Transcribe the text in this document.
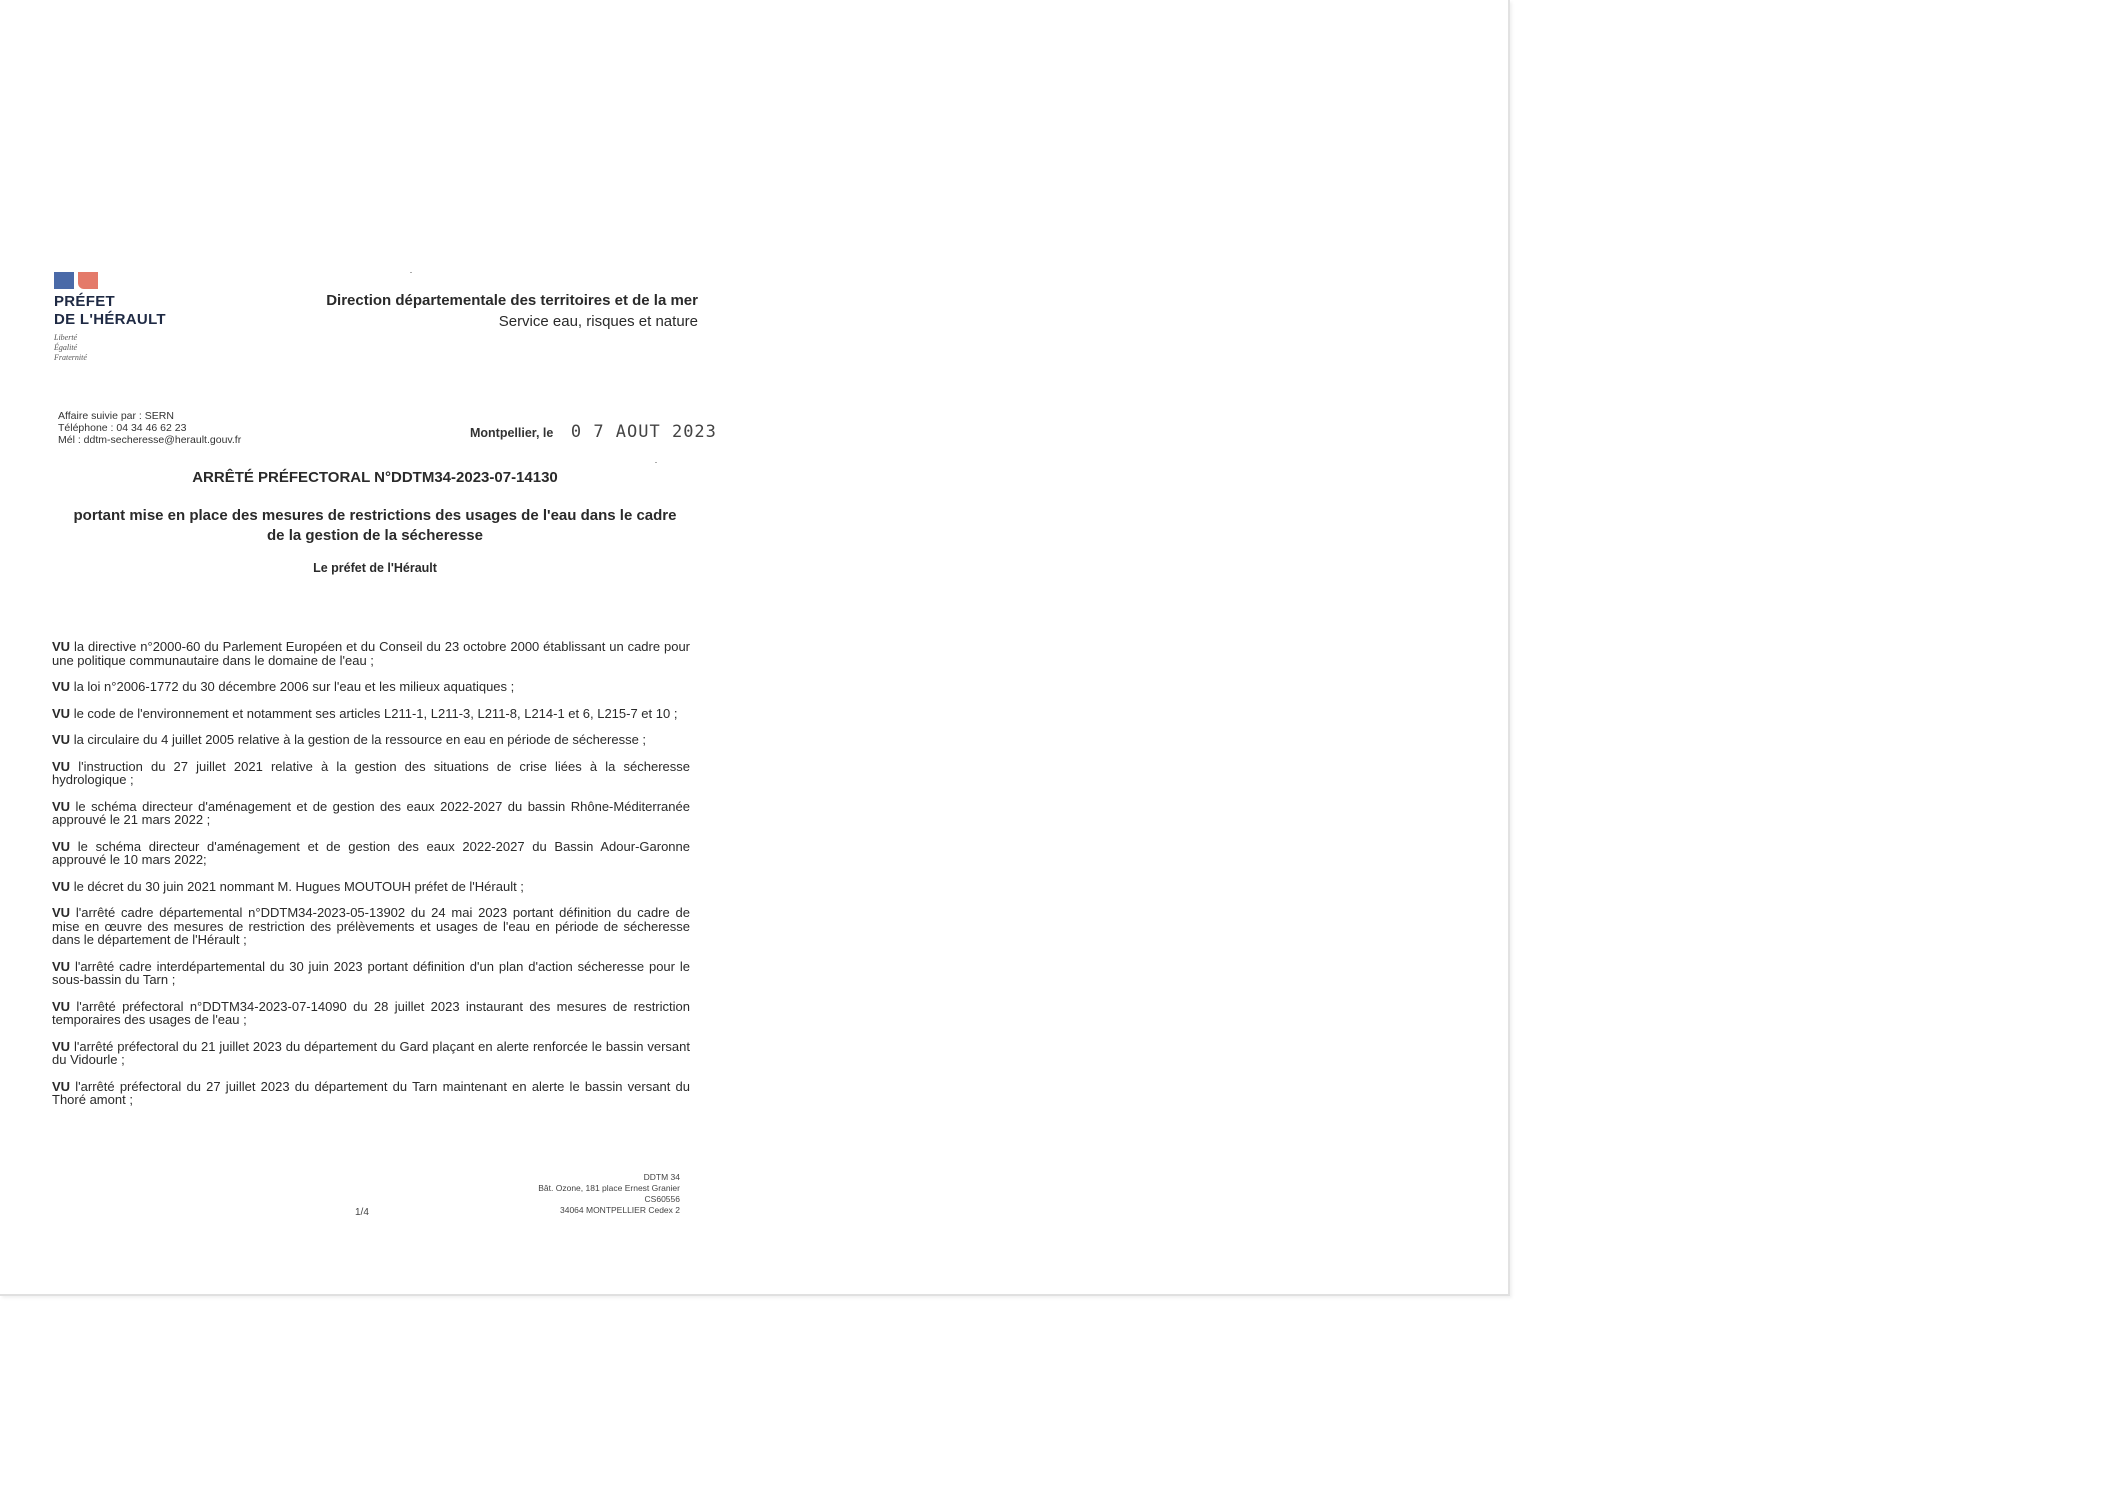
PRÉFET
DE L'HÉRAULT
Liberté
Égalité
Fraternité
Direction départementale des territoires et de la mer
Service eau, risques et nature
Affaire suivie par : SERN
Téléphone : 04 34 46 62 23
Mél : ddtm-secheresse@herault.gouv.fr	Montpellier, le 0 7 AOUT 2023
ARRÊTÉ PRÉFECTORAL N°DDTM34-2023-07-14130
portant mise en place des mesures de restrictions des usages de l'eau dans le cadre
de la gestion de la sécheresse
Le préfet de l'Hérault
VU la directive n°2000-60 du Parlement Européen et du Conseil du 23 octobre 2000 établissant un cadre pour une politique communautaire dans le domaine de l'eau ;
VU la loi n°2006-1772 du 30 décembre 2006 sur l'eau et les milieux aquatiques ;
VU le code de l'environnement et notamment ses articles L211-1, L211-3, L211-8, L214-1 et 6, L215-7 et 10 ;
VU la circulaire du 4 juillet 2005 relative à la gestion de la ressource en eau en période de sécheresse ;
VU l'instruction du 27 juillet 2021 relative à la gestion des situations de crise liées à la sécheresse hydrologique ;
VU le schéma directeur d'aménagement et de gestion des eaux 2022-2027 du bassin Rhône-Méditerranée approuvé le 21 mars 2022 ;
VU le schéma directeur d'aménagement et de gestion des eaux 2022-2027 du Bassin Adour-Garonne approuvé le 10 mars 2022;
VU le décret du 30 juin 2021 nommant M. Hugues MOUTOUH préfet de l'Hérault ;
VU l'arrêté cadre départemental n°DDTM34-2023-05-13902 du 24 mai 2023 portant définition du cadre de mise en œuvre des mesures de restriction des prélèvements et usages de l'eau en période de sécheresse dans le département de l'Hérault ;
VU l'arrêté cadre interdépartemental du 30 juin 2023 portant définition d'un plan d'action sécheresse pour le sous-bassin du Tarn ;
VU l'arrêté préfectoral n°DDTM34-2023-07-14090 du 28 juillet 2023 instaurant des mesures de restriction temporaires des usages de l'eau ;
VU l'arrêté préfectoral du 21 juillet 2023 du département du Gard plaçant en alerte renforcée le bassin versant du Vidourle ;
VU l'arrêté préfectoral du 27 juillet 2023 du département du Tarn maintenant en alerte le bassin versant du Thoré amont ;
DDTM 34
Bât. Ozone, 181 place Ernest Granier
CS60556
34064 MONTPELLIER Cedex 2
1/4
